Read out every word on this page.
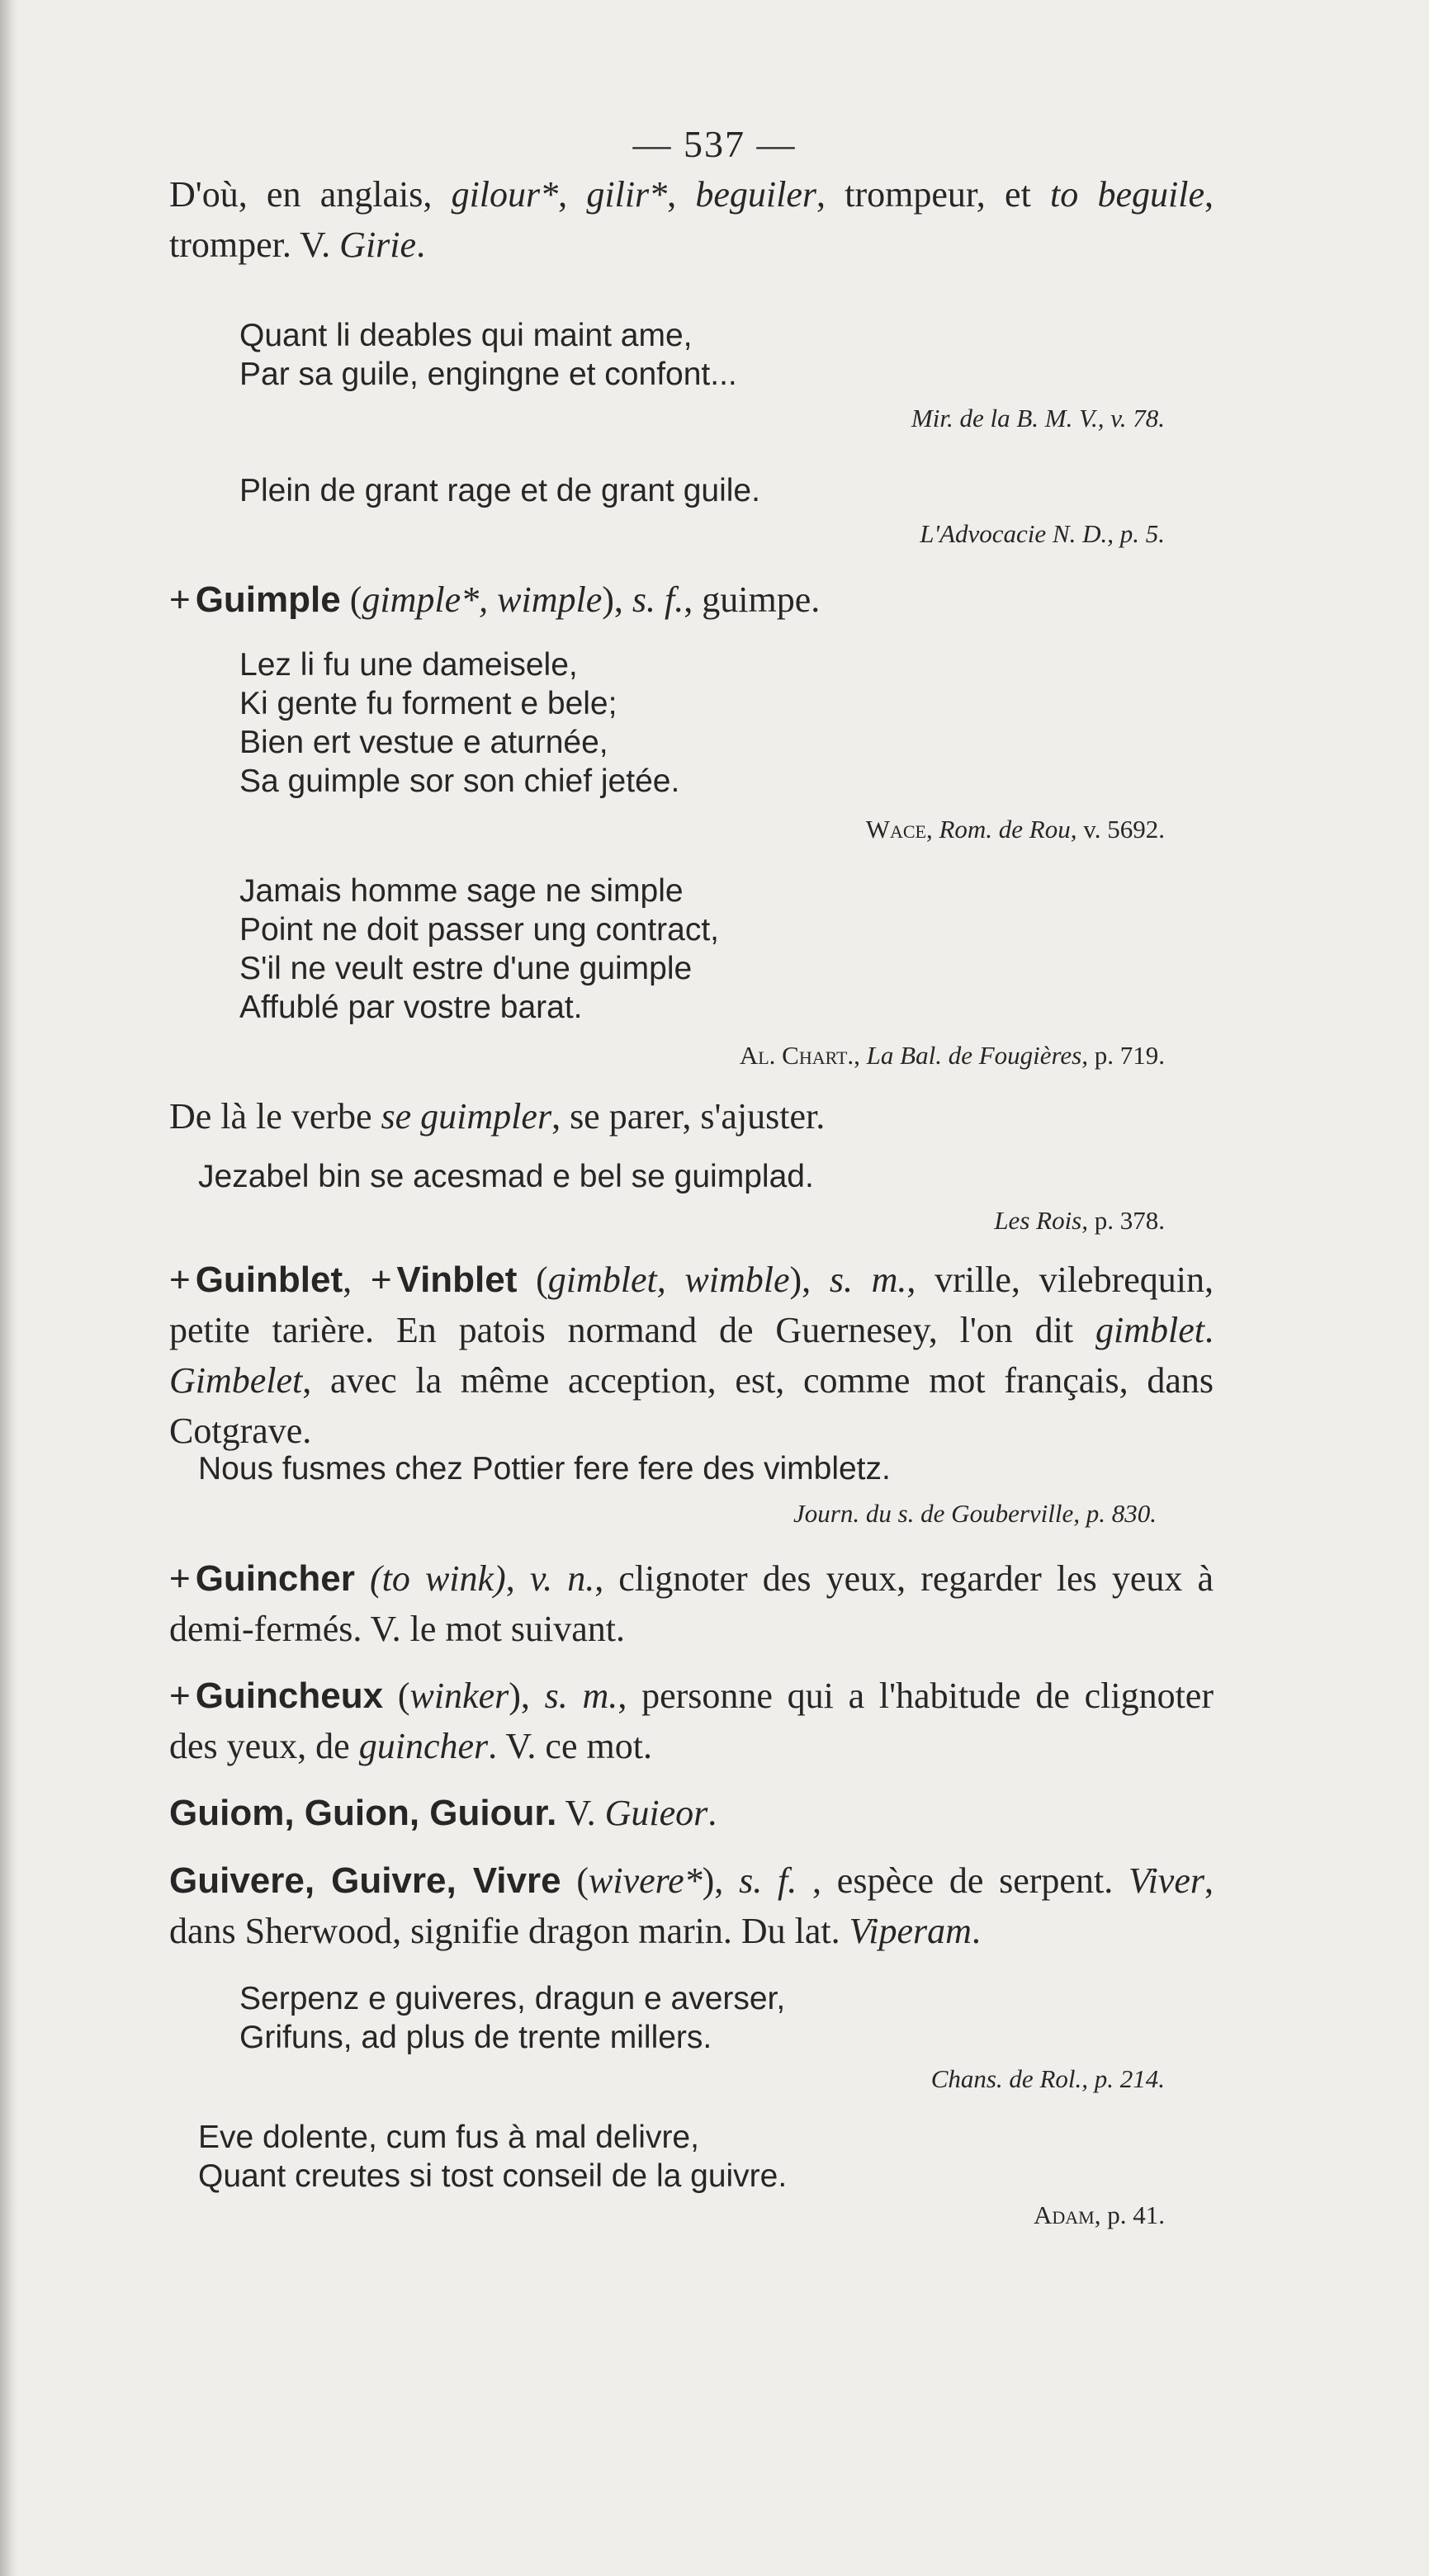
— 537 —

D'où, en anglais, gilour*, gilir*, beguiler, trompeur, et to beguile, tromper. V. Girie.

Quant li deables qui maint ame,
Par sa guile, engingne et confont...
Mir. de la B. M. V., v. 78.
Plein de grant rage et de grant guile.
L'Advocacie N. D., p. 5.

+ Guimple (gimple*, wimple), s. f., guimpe.

Lez li fu une dameisele,
Ki gente fu forment e bele;
Bien ert vestue e aturnée,
Sa guimple sor son chief jetée.
Wace, Rom. de Rou, v. 5692.
Jamais homme sage ne simple
Point ne doit passer ung contract,
S'il ne veult estre d'une guimple
Affublé par vostre barat.
Al. Chart., La Bal. de Fougières, p. 719.

De là le verbe se guimpler, se parer, s'ajuster.

Jezabel bin se acesmad e bel se guimplad.
Les Rois, p. 378.

+ Guinblet, + Vinblet (gimblet, wimble), s. m., vrille, vilebrequin, petite tarière. En patois normand de Guernesey, l'on dit gimblet. Gimbelet, avec la même acception, est, comme mot français, dans Cotgrave.

Nous fusmes chez Pottier fere fere des vimbletz.
Journ. du s. de Gouberville, p. 830.

+ Guincher (to wink), v. n., clignoter des yeux, regarder les yeux à demi-fermés. V. le mot suivant.

+ Guincheux (winker), s. m., personne qui a l'habitude de clignoter des yeux, de guincher. V. ce mot.

Guiom, Guion, Guiour. V. Guieor.

Guivere, Guivre, Vivre (wivere*), s. f. , espèce de serpent. Viver, dans Sherwood, signifie dragon marin. Du lat. Viperam.

Serpenz e guiveres, dragun e averser,
Grifuns, ad plus de trente millers.
Chans. de Rol., p. 214.
Eve dolente, cum fus à mal delivre,
Quant creutes si tost conseil de la guivre.
Adam, p. 41.
